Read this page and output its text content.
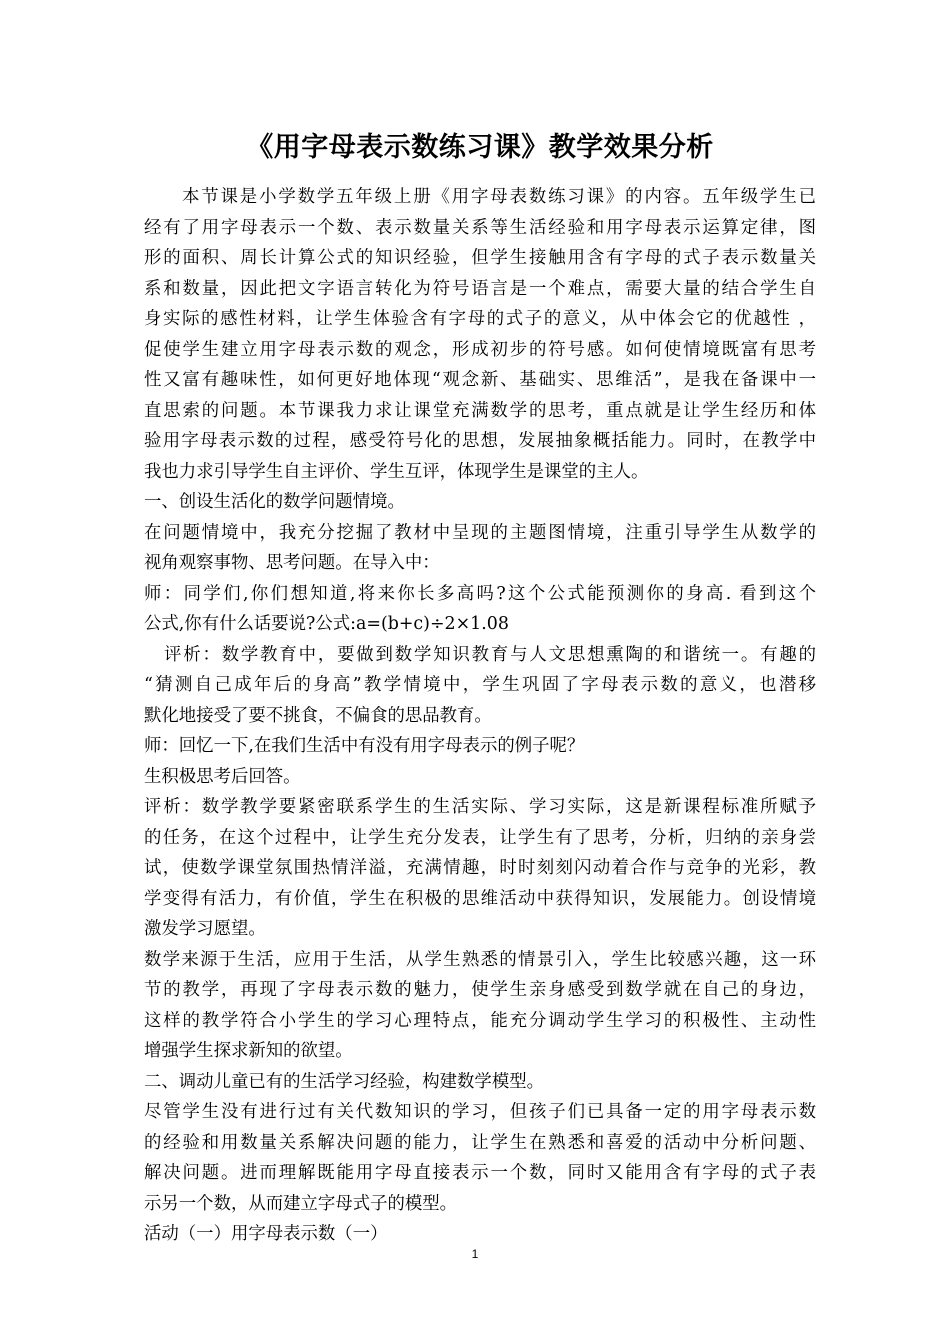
《用字母表示数练习课》教学效果分析
本节课是小学数学五年级上册《用字母表数练习课》的内容。五年级学生已
经有了用字母表示一个数、表示数量关系等生活经验和用字母表示运算定律，图
形的面积、周长计算公式的知识经验，但学生接触用含有字母的式子表示数量关
系和数量，因此把文字语言转化为符号语言是一个难点，需要大量的结合学生自
身实际的感性材料，让学生体验含有字母的式子的意义，从中体会它的优越性 ，
促使学生建立用字母表示数的观念，形成初步的符号感。如何使情境既富有思考
性又富有趣味性，如何更好地体现“观念新、基础实、思维活”，是我在备课中一
直思索的问题。本节课我力求让课堂充满数学的思考，重点就是让学生经历和体
验用字母表示数的过程，感受符号化的思想，发展抽象概括能力。同时，在教学中
我也力求引导学生自主评价、学生互评，体现学生是课堂的主人。
一、创设生活化的数学问题情境。
在问题情境中，我充分挖掘了教材中呈现的主题图情境，注重引导学生从数学的
视角观察事物、思考问题。在导入中：
师：同学们,你们想知道,将来你长多高吗?这个公式能预测你的身高. 看到这个
公式,你有什么话要说?公式:a=(b+c)÷2×1.08
评析：数学教育中，要做到数学知识教育与人文思想熏陶的和谐统一。有趣的
“猜测自己成年后的身高”教学情境中，学生巩固了字母表示数的意义，也潜移
默化地接受了要不挑食，不偏食的思品教育。
师：回忆一下,在我们生活中有没有用字母表示的例子呢？
生积极思考后回答。
评析：数学教学要紧密联系学生的生活实际、学习实际，这是新课程标准所赋予
的任务，在这个过程中，让学生充分发表，让学生有了思考，分析，归纳的亲身尝
试，使数学课堂氛围热情洋溢，充满情趣，时时刻刻闪动着合作与竞争的光彩，教
学变得有活力，有价值，学生在积极的思维活动中获得知识，发展能力。创设情境
激发学习愿望。
数学来源于生活，应用于生活，从学生熟悉的情景引入，学生比较感兴趣，这一环
节的教学，再现了字母表示数的魅力，使学生亲身感受到数学就在自己的身边，
这样的教学符合小学生的学习心理特点，能充分调动学生学习的积极性、主动性
增强学生探求新知的欲望。
二、调动儿童已有的生活学习经验，构建数学模型。
尽管学生没有进行过有关代数知识的学习，但孩子们已具备一定的用字母表示数
的经验和用数量关系解决问题的能力，让学生在熟悉和喜爱的活动中分析问题、
解决问题。进而理解既能用字母直接表示一个数，同时又能用含有字母的式子表
示另一个数，从而建立字母式子的模型。
活动（一）用字母表示数（一）
1
